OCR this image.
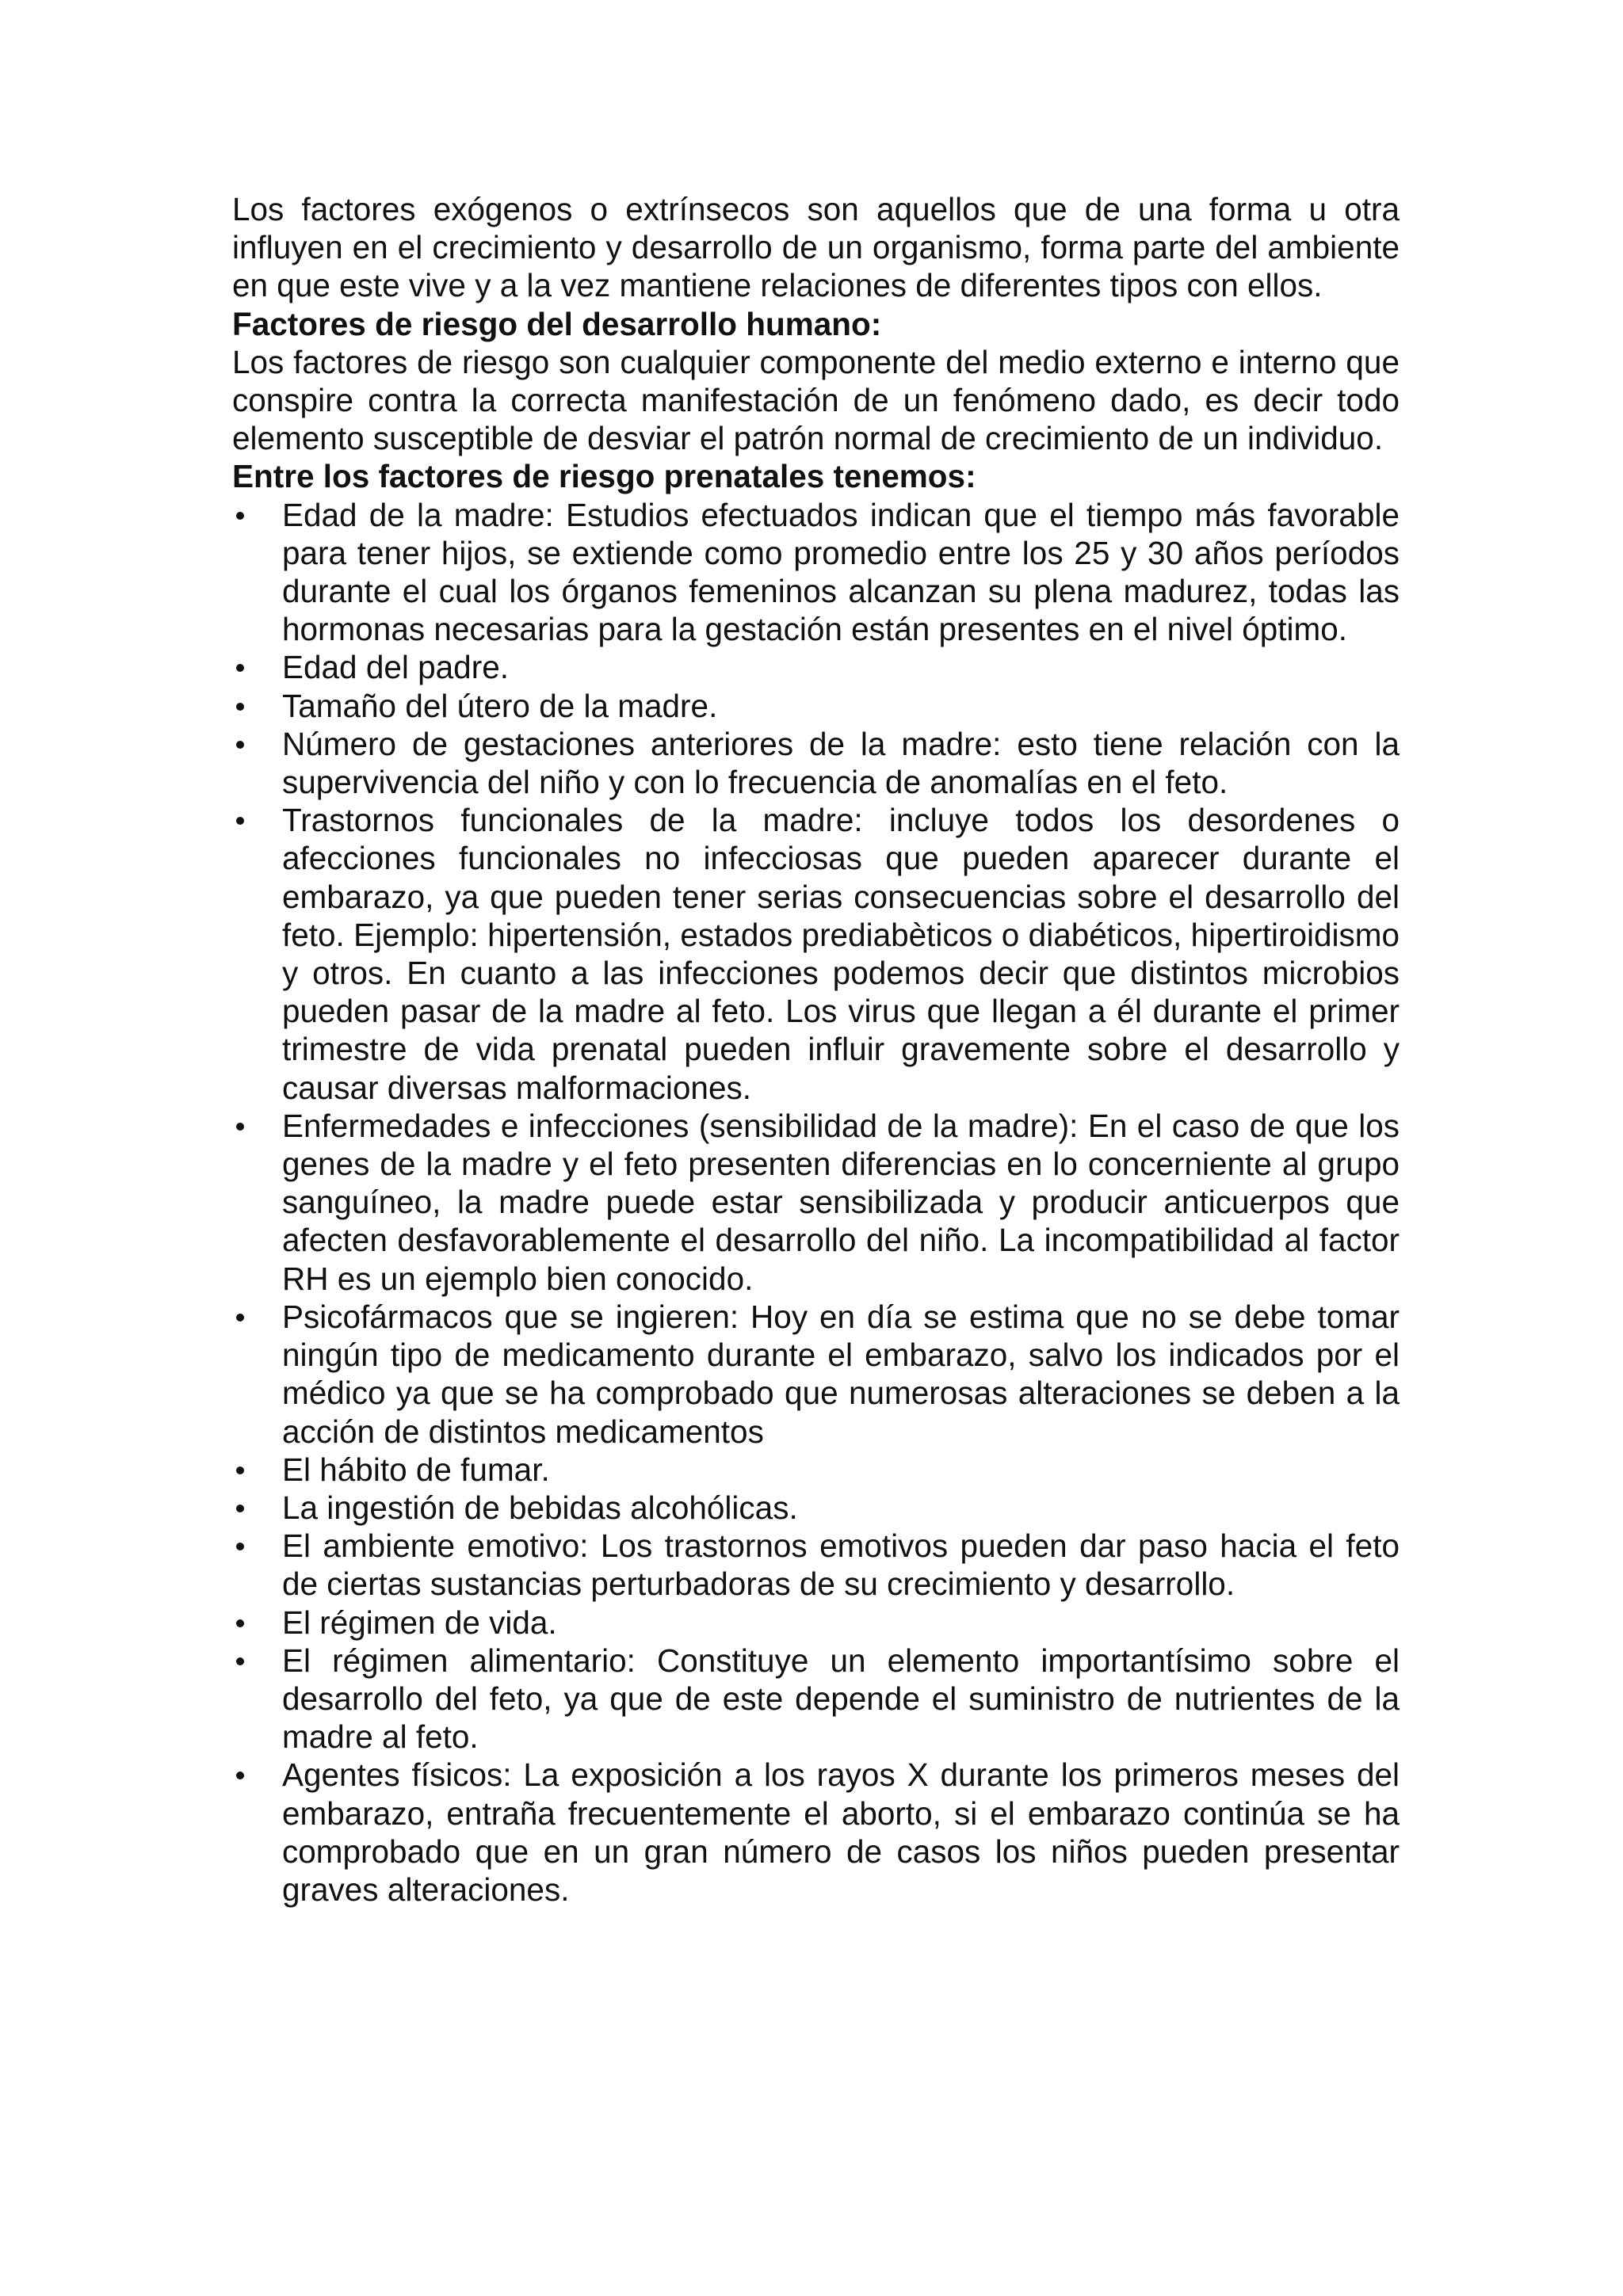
Los factores exógenos o extrínsecos son aquellos que de una forma u otra influyen en el crecimiento y desarrollo de un organismo, forma parte del ambiente en que este vive y a la vez mantiene relaciones de diferentes tipos con ellos.

Factores de riesgo del desarrollo humano:

Los factores de riesgo son cualquier componente del medio externo e interno que conspire contra la correcta manifestación de un fenómeno dado, es decir todo elemento susceptible de desviar el patrón normal de crecimiento de un individuo.

Entre los factores de riesgo prenatales tenemos:
Edad de la madre: Estudios efectuados indican que el tiempo más favorable para tener hijos, se extiende como promedio entre los 25 y 30 años períodos durante el cual los órganos femeninos alcanzan su plena madurez, todas las hormonas necesarias para la gestación están presentes en el nivel óptimo.
Edad del padre.
Tamaño del útero de la madre.
Número de gestaciones anteriores de la madre: esto tiene relación con la supervivencia del niño y con lo frecuencia de anomalías en el feto.
Trastornos funcionales de la madre: incluye todos los desordenes o afecciones funcionales no infecciosas que pueden aparecer durante el embarazo, ya que pueden tener serias consecuencias sobre el desarrollo del feto. Ejemplo: hipertensión, estados prediabèticos o diabéticos, hipertiroidismo y otros. En cuanto a las infecciones podemos decir que distintos microbios pueden pasar de la madre al feto. Los virus que llegan a él durante el primer trimestre de vida prenatal pueden influir gravemente sobre el desarrollo y causar diversas malformaciones.
Enfermedades e infecciones (sensibilidad de la madre): En el caso de que los genes de la madre y el feto presenten diferencias en lo concerniente al grupo sanguíneo, la madre puede estar sensibilizada y producir anticuerpos que afecten desfavorablemente el desarrollo del niño. La incompatibilidad al factor RH es un ejemplo bien conocido.
Psicofármacos que se ingieren: Hoy en día se estima que no se debe tomar ningún tipo de medicamento durante el embarazo, salvo los indicados por el médico ya que se ha comprobado que numerosas alteraciones se deben a la acción de distintos medicamentos
El hábito de fumar.
La ingestión de bebidas alcohólicas.
El ambiente emotivo: Los trastornos emotivos pueden dar paso hacia el feto de ciertas sustancias perturbadoras de su crecimiento y desarrollo.
El régimen de vida.
El régimen alimentario: Constituye un elemento importantísimo sobre el desarrollo del feto, ya que de este depende el suministro de nutrientes de la madre al feto.
Agentes físicos: La exposición a los rayos X durante los primeros meses del embarazo, entraña frecuentemente el aborto, si el embarazo continúa se ha comprobado que en un gran número de casos los niños pueden presentar graves alteraciones.
